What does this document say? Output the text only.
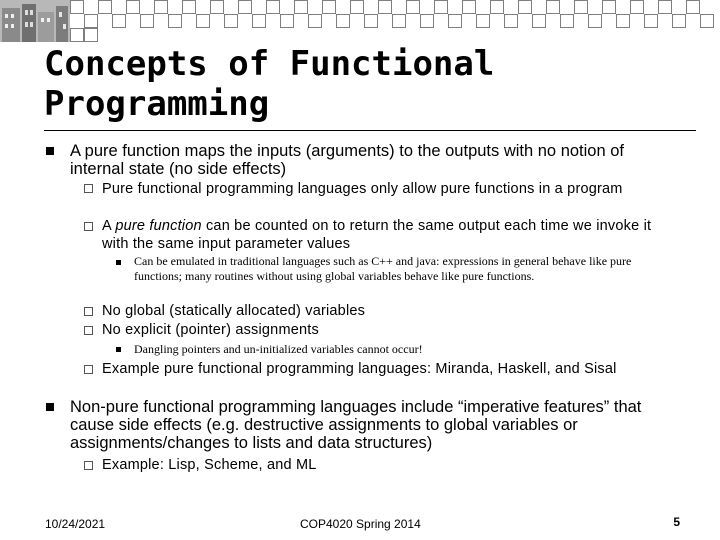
Concepts of Functional
Programming
A pure function maps the inputs (arguments) to the outputs with no notion of internal state (no side effects)
Pure functional programming languages only allow pure functions in a program
A pure function can be counted on to return the same output each time we invoke it with the same input parameter values
Can be emulated in traditional languages such as C++ and java: expressions in general behave like pure functions; many routines without using global variables behave like pure functions.
No global (statically allocated) variables
No explicit (pointer) assignments
Dangling pointers and un-initialized variables cannot occur!
Example pure functional programming languages: Miranda, Haskell, and Sisal
Non-pure functional programming languages include “imperative features” that cause side effects (e.g. destructive assignments to global variables or assignments/changes to lists and data structures)
Example: Lisp, Scheme, and ML
10/24/2021	COP4020 Spring 2014	5
